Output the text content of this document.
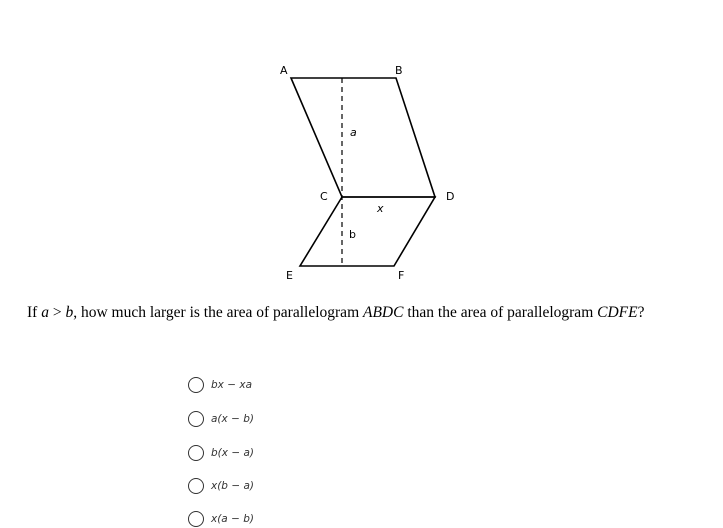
A	B
C	D
E	F
a
b
x
If a > b, how much larger is the area of parallelogram ABDC than the area of parallelogram CDFE?
bx − xa
a(x − b)
b(x − a)
x(b − a)
x(a − b)
